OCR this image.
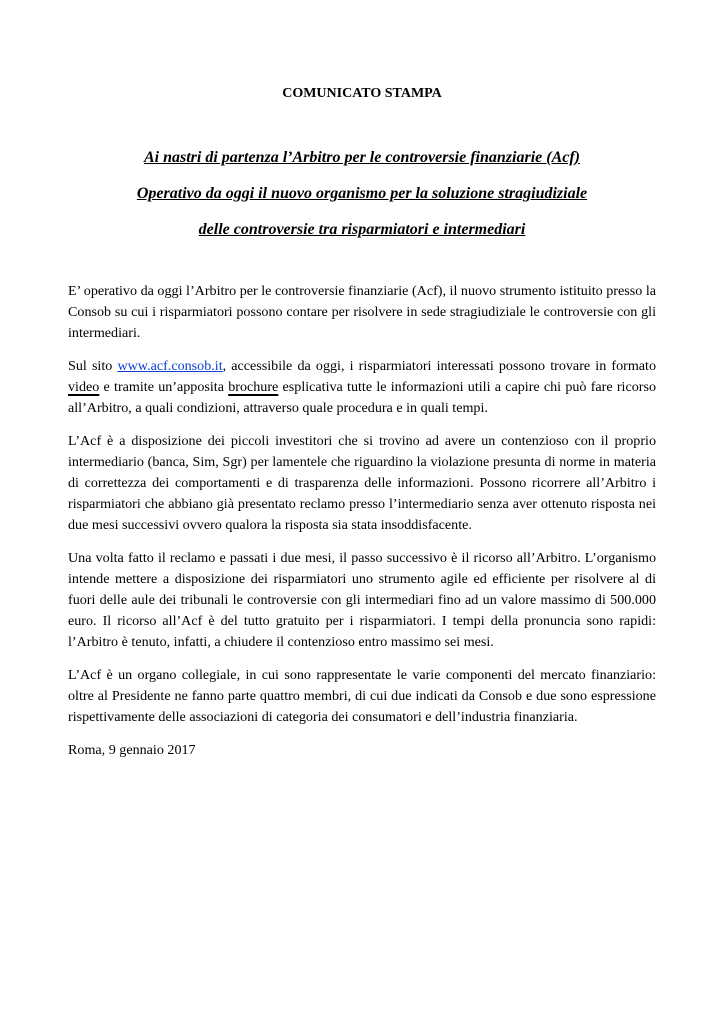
COMUNICATO STAMPA
Ai nastri di partenza l’Arbitro per le controversie finanziarie (Acf)
Operativo da oggi il nuovo organismo per la soluzione stragiudiziale
delle controversie tra risparmiatori e intermediari

E’ operativo da oggi l’Arbitro per le controversie finanziarie (Acf), il nuovo strumento istituito presso la Consob su cui i risparmiatori possono contare per risolvere in sede stragiudiziale le controversie con gli intermediari.

Sul sito www.acf.consob.it, accessibile da oggi, i risparmiatori interessati possono trovare in formato video e tramite un’apposita brochure esplicativa tutte le informazioni utili a capire chi può fare ricorso all’Arbitro, a quali condizioni, attraverso quale procedura e in quali tempi.

L’Acf è a disposizione dei piccoli investitori che si trovino ad avere un contenzioso con il proprio intermediario (banca, Sim, Sgr) per lamentele che riguardino la violazione presunta di norme in materia di correttezza dei comportamenti e di trasparenza delle informazioni. Possono ricorrere all’Arbitro i risparmiatori che abbiano già presentato reclamo presso l’intermediario senza aver ottenuto risposta nei due mesi successivi ovvero qualora la risposta sia stata insoddisfacente.

Una volta fatto il reclamo e passati i due mesi, il passo successivo è il ricorso all’Arbitro. L’organismo intende mettere a disposizione dei risparmiatori uno strumento agile ed efficiente per risolvere al di fuori delle aule dei tribunali le controversie con gli intermediari fino ad un valore massimo di 500.000 euro. Il ricorso all’Acf è del tutto gratuito per i risparmiatori. I tempi della pronuncia sono rapidi: l’Arbitro è tenuto, infatti, a chiudere il contenzioso entro massimo sei mesi.

L’Acf è un organo collegiale, in cui sono rappresentate le varie componenti del mercato finanziario: oltre al Presidente ne fanno parte quattro membri, di cui due indicati da Consob e due sono espressione rispettivamente delle associazioni di categoria dei consumatori e dell’industria finanziaria.

Roma, 9 gennaio 2017
